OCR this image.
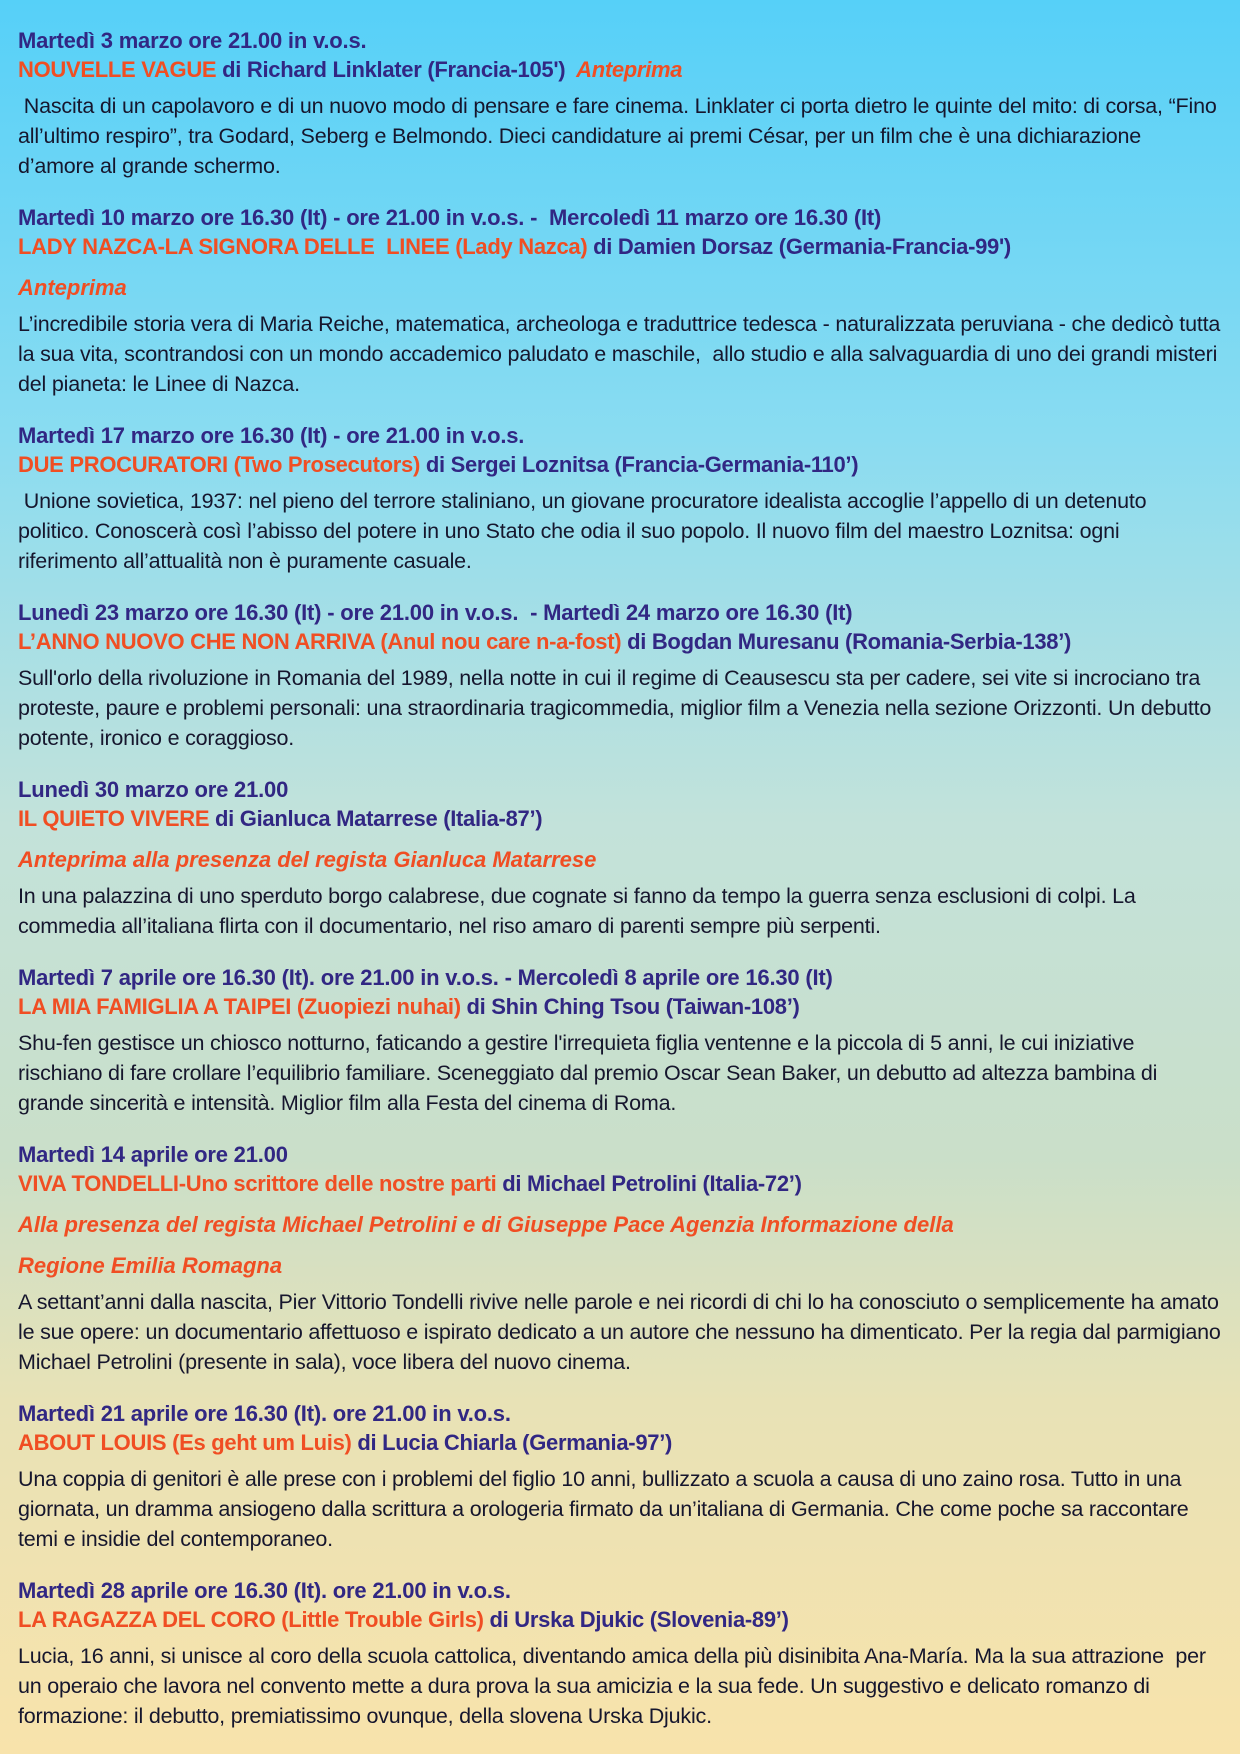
Martedì 3 marzo ore 21.00 in v.o.s.
NOUVELLE VAGUE di Richard Linklater (Francia-105')  Anteprima
Nascita di un capolavoro e di un nuovo modo di pensare e fare cinema. Linklater ci porta dietro le quinte del mito: di corsa, “Fino all’ultimo respiro”, tra Godard, Seberg e Belmondo. Dieci candidature ai premi César, per un film che è una dichiarazione d’amore al grande schermo.
Martedì 10 marzo ore 16.30 (It) - ore 21.00 in v.o.s. -  Mercoledì 11 marzo ore 16.30 (It)
LADY NAZCA-LA SIGNORA DELLE  LINEE (Lady Nazca) di Damien Dorsaz (Germania-Francia-99')
Anteprima
L’incredibile storia vera di Maria Reiche, matematica, archeologa e traduttrice tedesca - naturalizzata peruviana - che dedicò tutta la sua vita, scontrandosi con un mondo accademico paludato e maschile,  allo studio e alla salvaguardia di uno dei grandi misteri del pianeta: le Linee di Nazca.
Martedì 17 marzo ore 16.30 (It) - ore 21.00 in v.o.s.
DUE PROCURATORI (Two Prosecutors) di Sergei Loznitsa (Francia-Germania-110’)
Unione sovietica, 1937: nel pieno del terrore staliniano, un giovane procuratore idealista accoglie l’appello di un detenuto politico. Conoscerà così l’abisso del potere in uno Stato che odia il suo popolo. Il nuovo film del maestro Loznitsa: ogni riferimento all’attualità non è puramente casuale.
Lunedì 23 marzo ore 16.30 (It) - ore 21.00 in v.o.s.  - Martedì 24 marzo ore 16.30 (It)
L’ANNO NUOVO CHE NON ARRIVA (Anul nou care n-a-fost) di Bogdan Muresanu (Romania-Serbia-138’)
Sull'orlo della rivoluzione in Romania del 1989, nella notte in cui il regime di Ceausescu sta per cadere, sei vite si incrociano tra proteste, paure e problemi personali: una straordinaria tragicommedia, miglior film a Venezia nella sezione Orizzonti. Un debutto potente, ironico e coraggioso.
Lunedì 30 marzo ore 21.00
IL QUIETO VIVERE di Gianluca Matarrese (Italia-87’)
Anteprima alla presenza del regista Gianluca Matarrese
In una palazzina di uno sperduto borgo calabrese, due cognate si fanno da tempo la guerra senza esclusioni di colpi. La commedia all’italiana flirta con il documentario, nel riso amaro di parenti sempre più serpenti.
Martedì 7 aprile ore 16.30 (It). ore 21.00 in v.o.s. - Mercoledì 8 aprile ore 16.30 (It)
LA MIA FAMIGLIA A TAIPEI (Zuopiezi nuhai) di Shin Ching Tsou (Taiwan-108’)
Shu-fen gestisce un chiosco notturno, faticando a gestire l'irrequieta figlia ventenne e la piccola di 5 anni, le cui iniziative rischiano di fare crollare l’equilibrio familiare. Sceneggiato dal premio Oscar Sean Baker, un debutto ad altezza bambina di grande sincerità e intensità. Miglior film alla Festa del cinema di Roma.
Martedì 14 aprile ore 21.00
VIVA TONDELLI-Uno scrittore delle nostre parti di Michael Petrolini (Italia-72’)
Alla presenza del regista Michael Petrolini e di Giuseppe Pace Agenzia Informazione della
Regione Emilia Romagna
A settant’anni dalla nascita, Pier Vittorio Tondelli rivive nelle parole e nei ricordi di chi lo ha conosciuto o semplicemente ha amato le sue opere: un documentario affettuoso e ispirato dedicato a un autore che nessuno ha dimenticato. Per la regia dal parmigiano Michael Petrolini (presente in sala), voce libera del nuovo cinema.
Martedì 21 aprile ore 16.30 (It). ore 21.00 in v.o.s.
ABOUT LOUIS (Es geht um Luis) di Lucia Chiarla (Germania-97’)
Una coppia di genitori è alle prese con i problemi del figlio 10 anni, bullizzato a scuola a causa di uno zaino rosa. Tutto in una giornata, un dramma ansiogeno dalla scrittura a orologeria firmato da un’italiana di Germania. Che come poche sa raccontare temi e insidie del contemporaneo.
Martedì 28 aprile ore 16.30 (It). ore 21.00 in v.o.s.
LA RAGAZZA DEL CORO (Little Trouble Girls) di Urska Djukic (Slovenia-89’)
Lucia, 16 anni, si unisce al coro della scuola cattolica, diventando amica della più disinibita Ana-María. Ma la sua attrazione  per un operaio che lavora nel convento mette a dura prova la sua amicizia e la sua fede. Un suggestivo e delicato romanzo di formazione: il debutto, premiatissimo ovunque, della slovena Urska Djukic.
